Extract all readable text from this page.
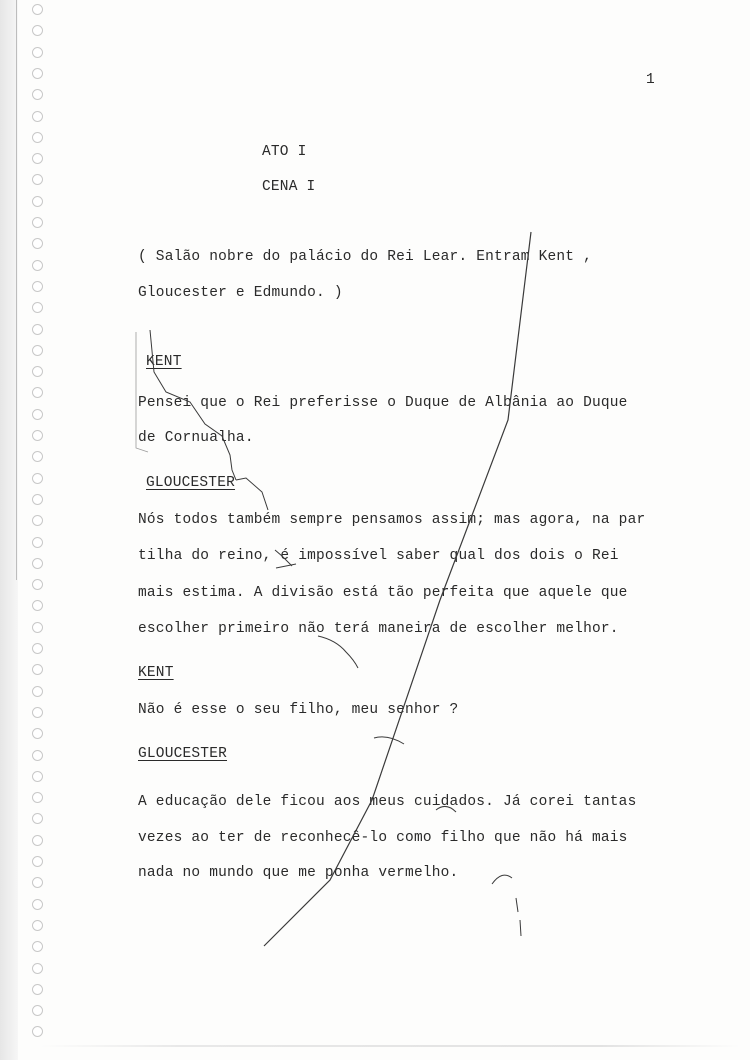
1
ATO I
CENA I
( Salão nobre do palácio do Rei Lear. Entram Kent ,
Gloucester e Edmundo. )
KENT
Pensei que o Rei preferisse o Duque de Albânia ao Duque
de Cornualha.
GLOUCESTER
Nós todos também sempre pensamos assim; mas agora, na par
tilha do reino, é impossível saber qual dos dois o Rei
mais estima. A divisão está tão perfeita que aquele que
escolher primeiro não terá maneira de escolher melhor.
KENT
Não é esse o seu filho, meu senhor ?
GLOUCESTER
A educação dele ficou aos meus cuidados. Já corei tantas
vezes ao ter de reconhecê-lo como filho que não há mais
nada no mundo que me ponha vermelho.
